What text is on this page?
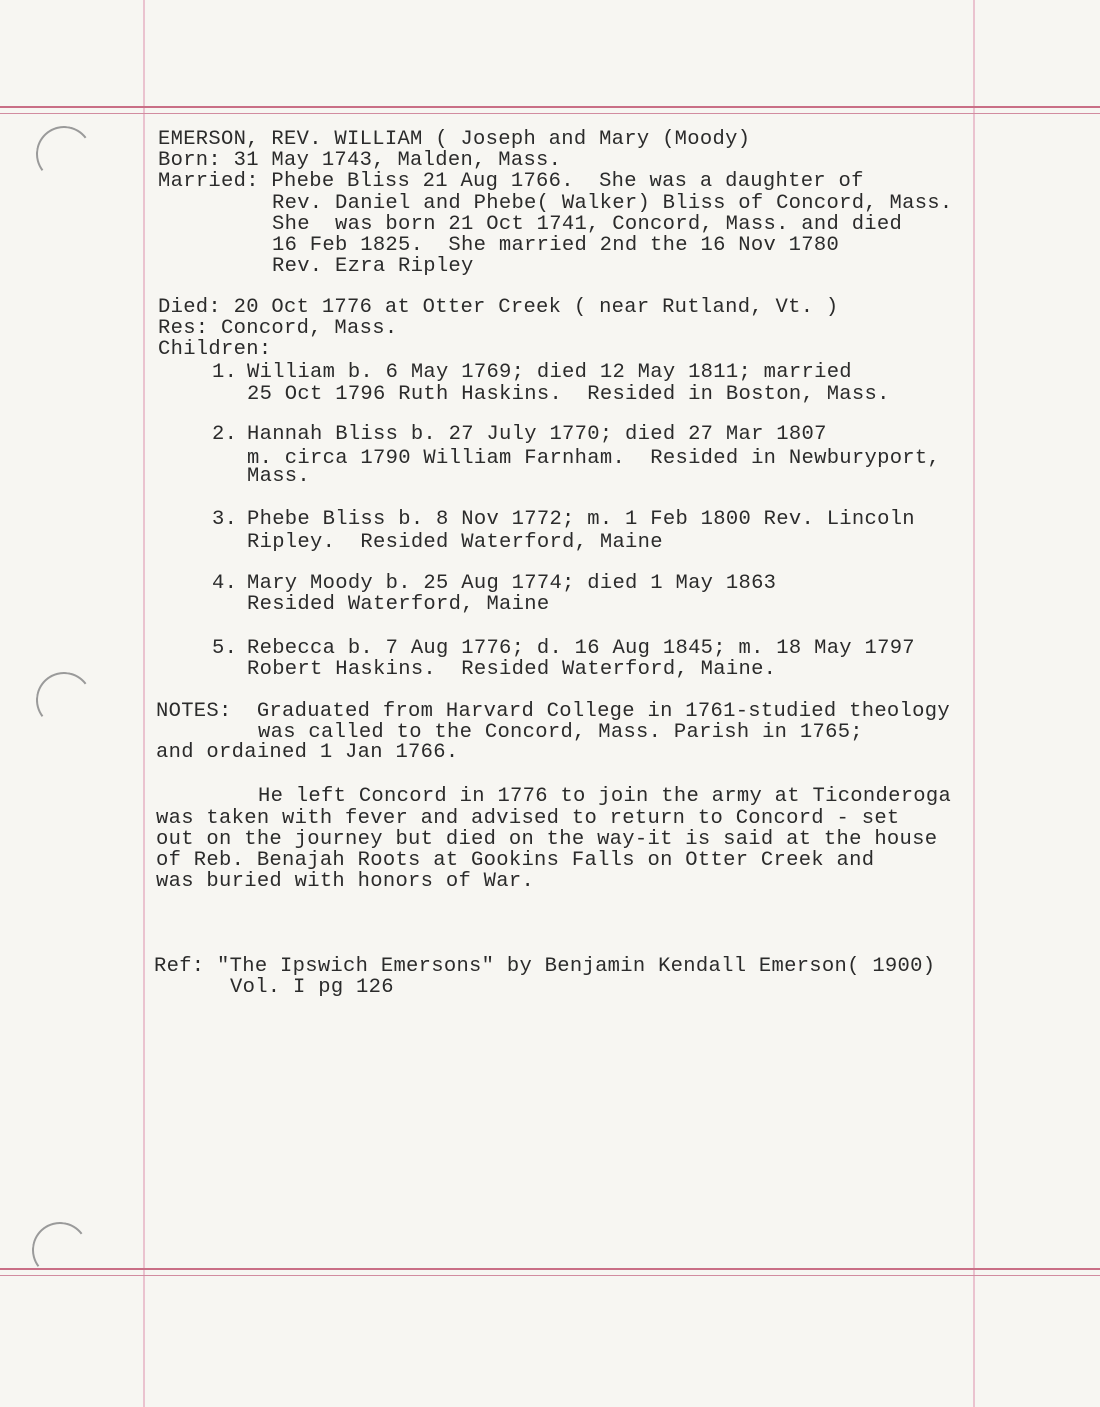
EMERSON, REV. WILLIAM ( Joseph and Mary (Moody)
Born: 31 May 1743, Malden, Mass.
Married: Phebe Bliss 21 Aug 1766.  She was a daughter of
Rev. Daniel and Phebe( Walker) Bliss of Concord, Mass.
She  was born 21 Oct 1741, Concord, Mass. and died
16 Feb 1825.  She married 2nd the 16 Nov 1780
Rev. Ezra Ripley
Died: 20 Oct 1776 at Otter Creek ( near Rutland, Vt. )
Res: Concord, Mass.
Children:
1. William b. 6 May 1769; died 12 May 1811; married
25 Oct 1796 Ruth Haskins.  Resided in Boston, Mass.
2. Hannah Bliss b. 27 July 1770; died 27 Mar 1807
m. circa 1790 William Farnham.  Resided in Newburyport,
Mass.
3. Phebe Bliss b. 8 Nov 1772; m. 1 Feb 1800 Rev. Lincoln
Ripley.  Resided Waterford, Maine
4. Mary Moody b. 25 Aug 1774; died 1 May 1863
Resided Waterford, Maine
5. Rebecca b. 7 Aug 1776; d. 16 Aug 1845; m. 18 May 1797
Robert Haskins.  Resided Waterford, Maine.
NOTES:  Graduated from Harvard College in 1761-studied theology
was called to the Concord, Mass. Parish in 1765;
and ordained 1 Jan 1766.
He left Concord in 1776 to join the army at Ticonderoga
was taken with fever and advised to return to Concord - set
out on the journey but died on the way-it is said at the house
of Reb. Benajah Roots at Gookins Falls on Otter Creek and
was buried with honors of War.
Ref: "The Ipswich Emersons" by Benjamin Kendall Emerson( 1900)
Vol. I pg 126
